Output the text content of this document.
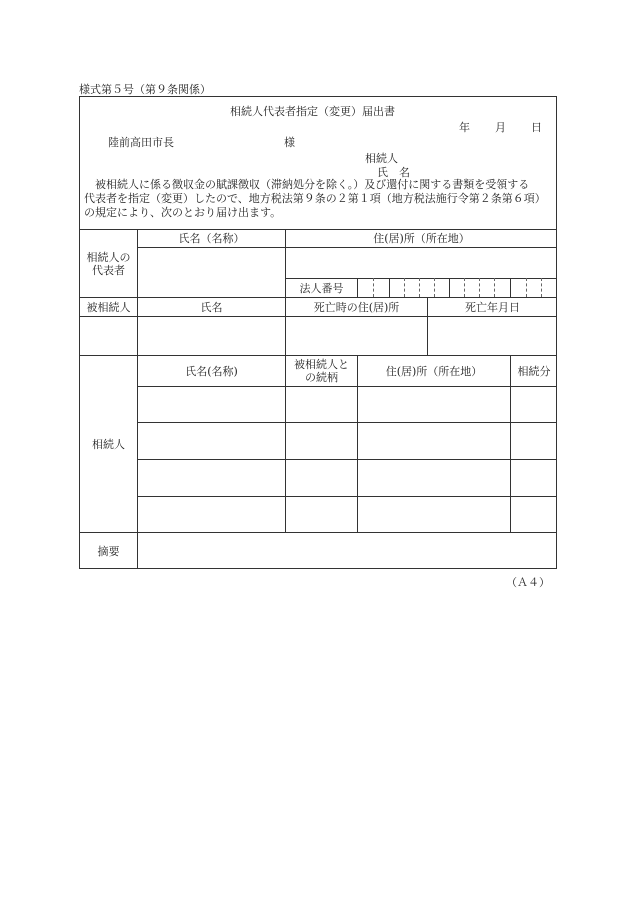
様式第５号（第９条関係）
相続人代表者指定（変更）届出書
年 月 日
陸前高田市長	様
相続人
氏　名
　被相続人に係る徴収金の賦課徴収（滞納処分を除く。）及び還付に関する書類を受領する
代表者を指定（変更）したので、地方税法第９条の２第１項（地方税法施行令第２条第６項）
の規定により、次のとおり届け出ます。
相続人の
代表者
氏名（名称）	住(居)所（所在地）
法人番号
被相続人	氏名	死亡時の住(居)所	死亡年月日
相続人
氏名(名称)	被相続人と
の続柄	住(居)所（所在地）	相続分
摘要
（Ａ４）
